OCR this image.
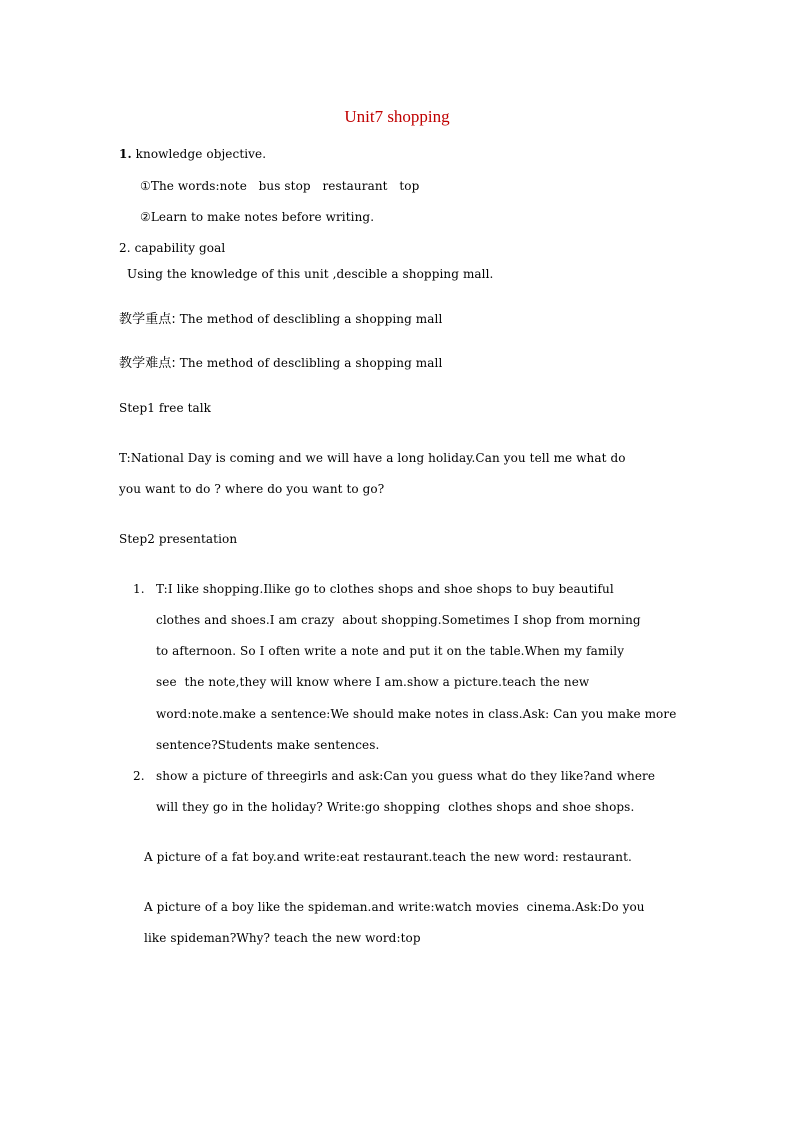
Unit7 shopping
1. knowledge objective.
①The words:note   bus stop   restaurant   top
②Learn to make notes before writing.
2. capability goal
Using the knowledge of this unit ,descible a shopping mall.
教学重点: The method of desclibling a shopping mall
教学难点: The method of desclibling a shopping mall
Step1 free talk
T:National Day is coming and we will have a long holiday.Can you tell me what do
you want to do ? where do you want to go?
Step2 presentation
1. T:I like shopping.Ilike go to clothes shops and shoe shops to buy beautiful
clothes and shoes.I am crazy  about shopping.Sometimes I shop from morning
to afternoon. So I often write a note and put it on the table.When my family
see  the note,they will know where I am.show a picture.teach the new
word:note.make a sentence:We should make notes in class.Ask: Can you make more
sentence?Students make sentences.
2. show a picture of threegirls and ask:Can you guess what do they like?and where
will they go in the holiday? Write:go shopping  clothes shops and shoe shops.
A picture of a fat boy.and write:eat restaurant.teach the new word: restaurant.
A picture of a boy like the spideman.and write:watch movies  cinema.Ask:Do you
like spideman?Why? teach the new word:top
